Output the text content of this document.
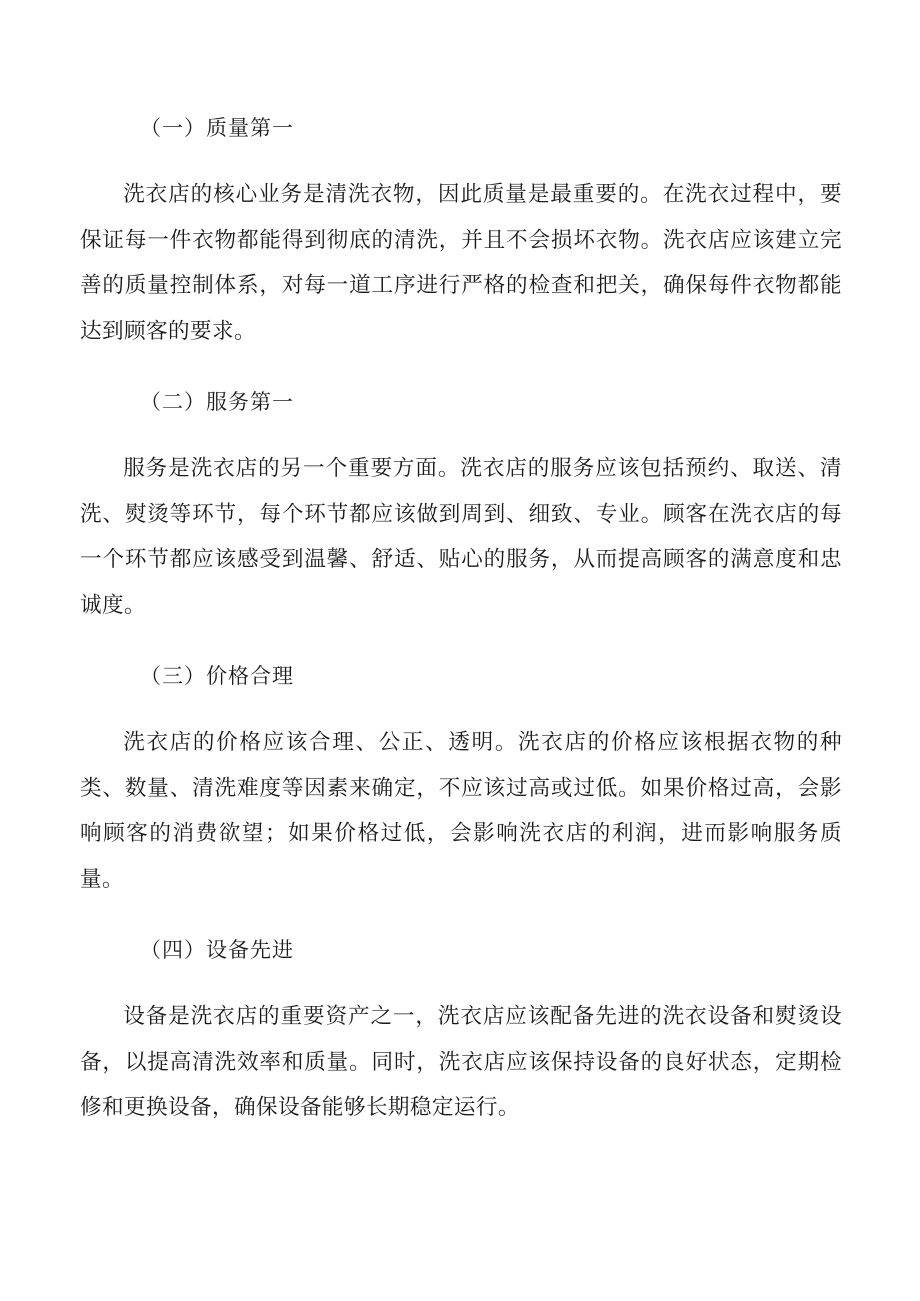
（一）质量第一

洗衣店的核心业务是清洗衣物，因此质量是最重要的。在洗衣过程中，要保证每一件衣物都能得到彻底的清洗，并且不会损坏衣物。洗衣店应该建立完善的质量控制体系，对每一道工序进行严格的检查和把关，确保每件衣物都能达到顾客的要求。

（二）服务第一

服务是洗衣店的另一个重要方面。洗衣店的服务应该包括预约、取送、清洗、熨烫等环节，每个环节都应该做到周到、细致、专业。顾客在洗衣店的每一个环节都应该感受到温馨、舒适、贴心的服务，从而提高顾客的满意度和忠诚度。

（三）价格合理

洗衣店的价格应该合理、公正、透明。洗衣店的价格应该根据衣物的种类、数量、清洗难度等因素来确定，不应该过高或过低。如果价格过高，会影响顾客的消费欲望；如果价格过低，会影响洗衣店的利润，进而影响服务质量。

（四）设备先进

设备是洗衣店的重要资产之一，洗衣店应该配备先进的洗衣设备和熨烫设备，以提高清洗效率和质量。同时，洗衣店应该保持设备的良好状态，定期检修和更换设备，确保设备能够长期稳定运行。
